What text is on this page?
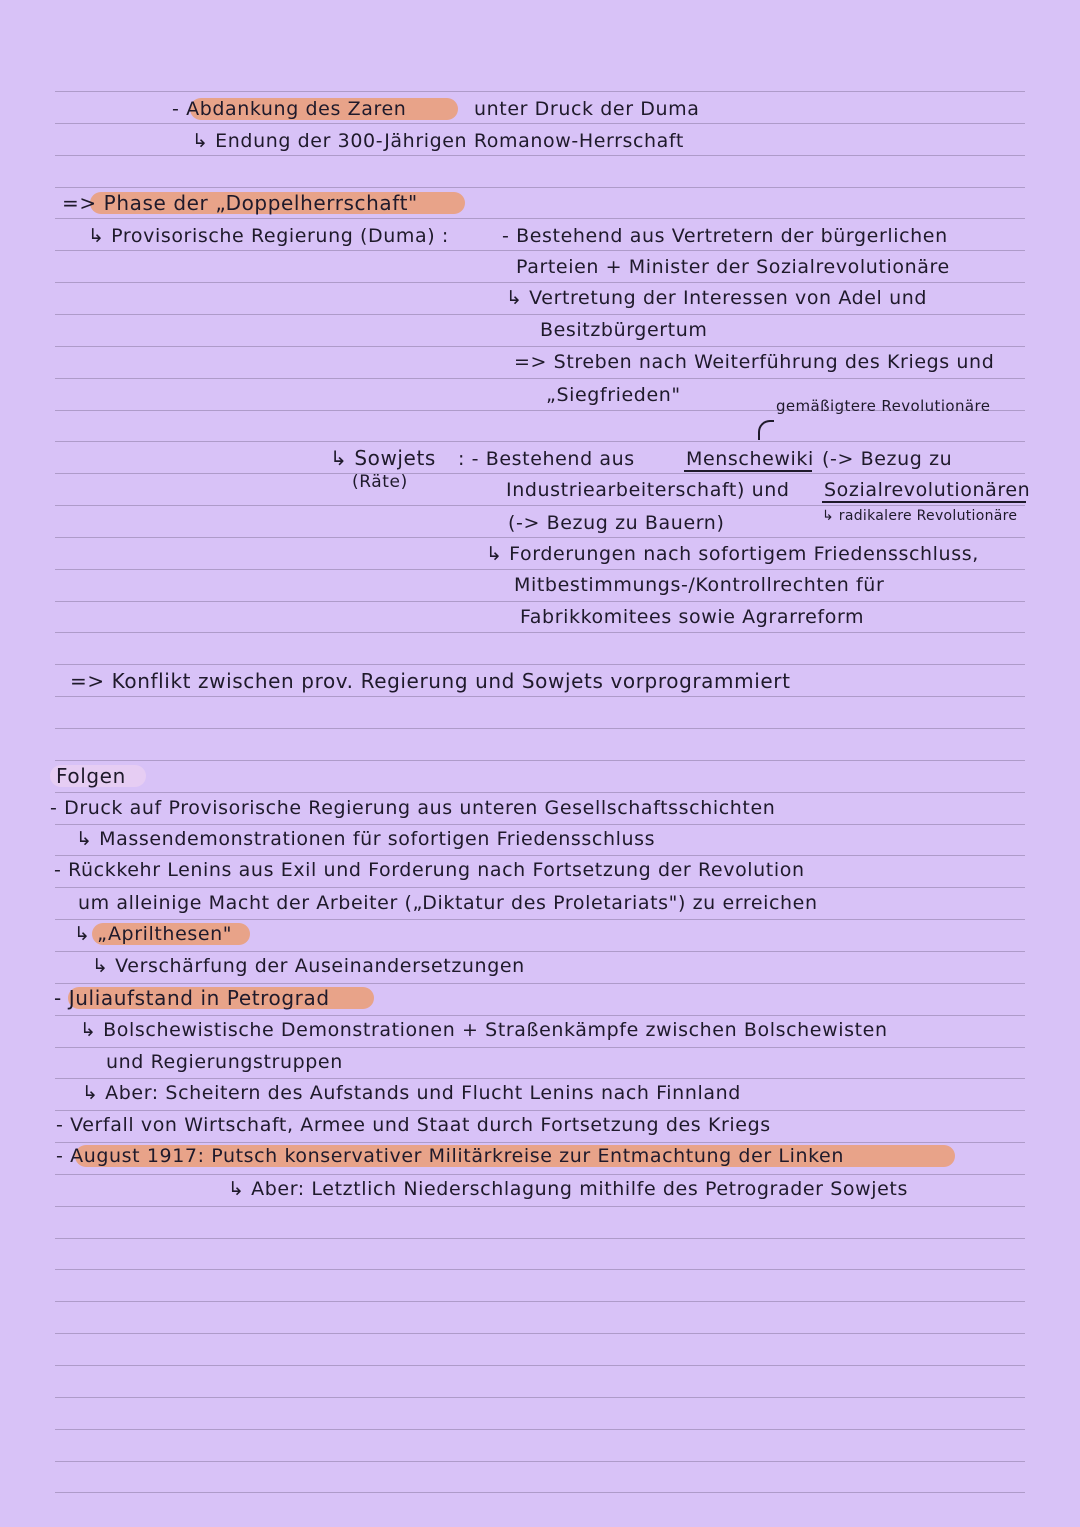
- Abdankung des Zaren	unter Druck der Duma
↳ Endung der 300-Jährigen Romanow-Herrschaft
=> Phase der „Doppelherrschaft"
↳ Provisorische Regierung (Duma) :	- Bestehend aus Vertretern der bürgerlichen
Parteien + Minister der Sozialrevolutionäre
↳ Vertretung der Interessen von Adel und
Besitzbürgertum
=> Streben nach Weiterführung des Kriegs und
„Siegfrieden"	gemäßigtere Revolutionäre
↳ Sowjets
(Räte)
: - Bestehend aus	Menschewiki (-> Bezug zu
Industriearbeiterschaft) und Sozialrevolutionären
(-> Bezug zu Bauern)	↳ radikalere Revolutionäre
↳ Forderungen nach sofortigem Friedensschluss,
Mitbestimmungs-/Kontrollrechten für
Fabrikkomitees sowie Agrarreform
=> Konflikt zwischen prov. Regierung und Sowjets vorprogrammiert
Folgen
- Druck auf Provisorische Regierung aus unteren Gesellschaftsschichten
↳ Massendemonstrationen für sofortigen Friedensschluss
- Rückkehr Lenins aus Exil und Forderung nach Fortsetzung der Revolution
um alleinige Macht der Arbeiter („Diktatur des Proletariats") zu erreichen
↳ „Aprilthesen"
↳ Verschärfung der Auseinandersetzungen
- Juliaufstand in Petrograd
↳ Bolschewistische Demonstrationen + Straßenkämpfe zwischen Bolschewisten
und Regierungstruppen
↳ Aber: Scheitern des Aufstands und Flucht Lenins nach Finnland
- Verfall von Wirtschaft, Armee und Staat durch Fortsetzung des Kriegs
- August 1917: Putsch konservativer Militärkreise zur Entmachtung der Linken
↳ Aber: Letztlich Niederschlagung mithilfe des Petrograder Sowjets
